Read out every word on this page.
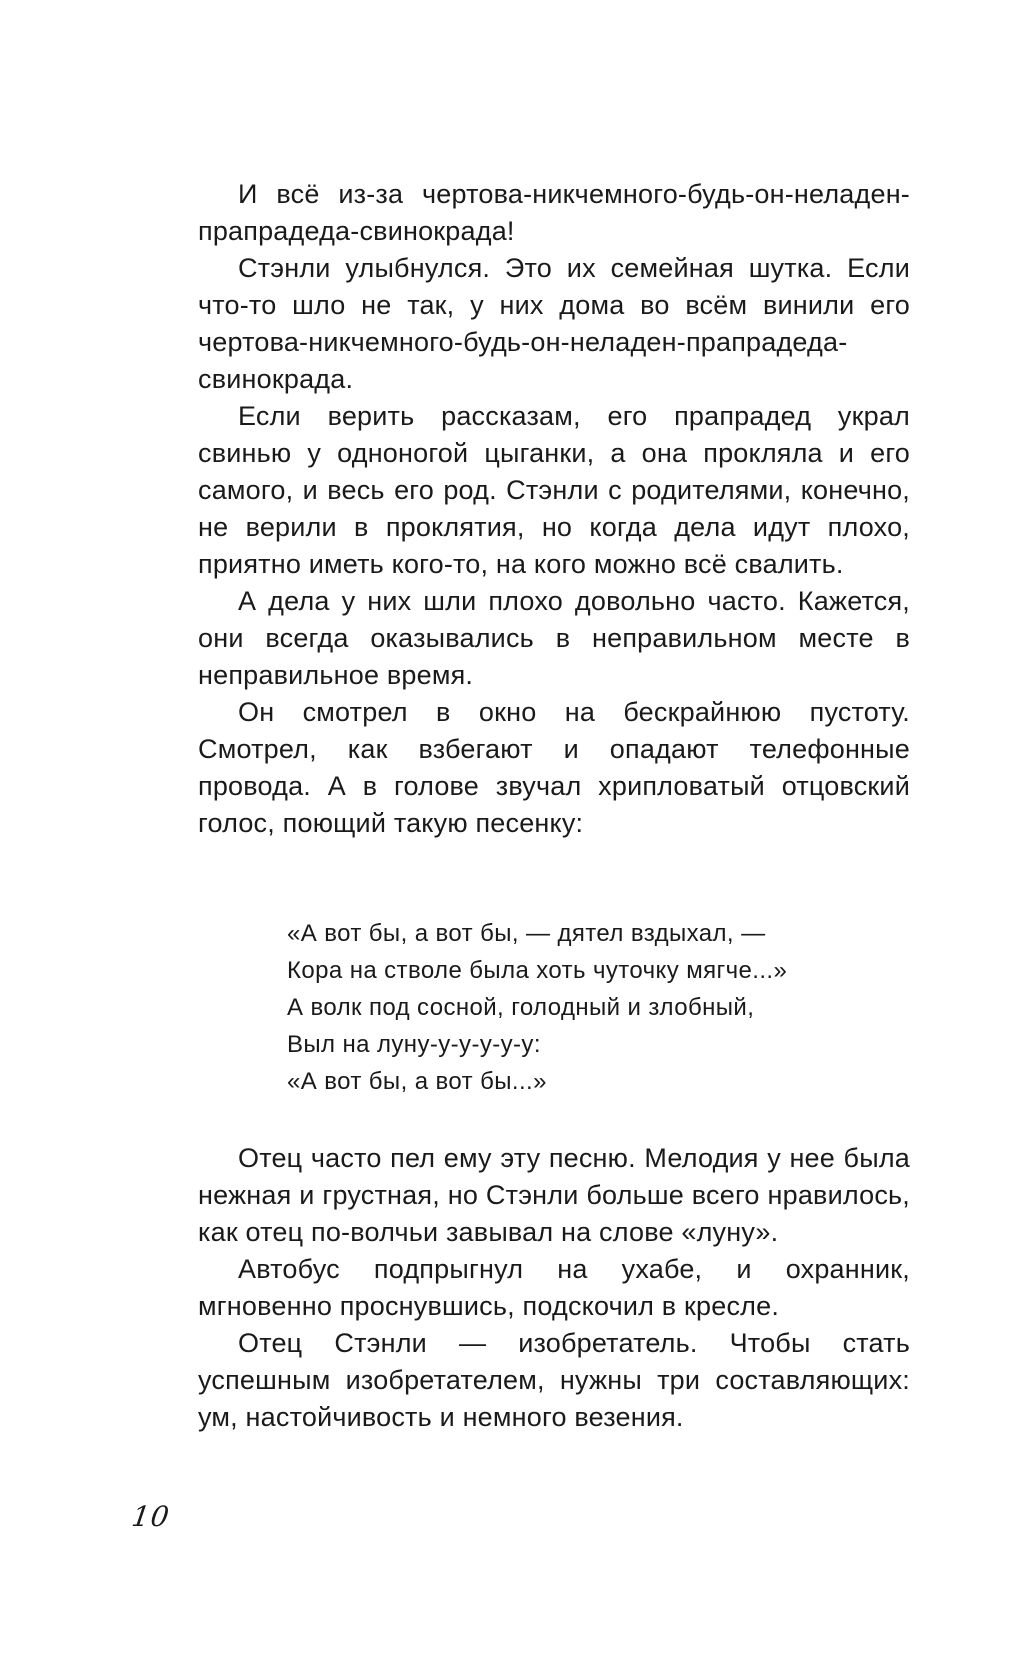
И всё из-за чертова-никчемного-будь-он-неладен-прапрадеда-свинокрада!

Стэнли улыбнулся. Это их семейная шутка. Если что-то шло не так, у них дома во всём винили его чертова-никчемного-будь-он-неладен-прапрадеда-свинокрада.

Если верить рассказам, его прапрадед украл свинью у одноногой цыганки, а она прокляла и его самого, и весь его род. Стэнли с родителями, конечно, не верили в проклятия, но когда дела идут плохо, приятно иметь кого-то, на кого можно всё свалить.

А дела у них шли плохо довольно часто. Кажется, они всегда оказывались в неправильном месте в неправильное время.

Он смотрел в окно на бескрайнюю пустоту. Смотрел, как взбегают и опадают телефонные провода. А в голове звучал хрипловатый отцовский голос, поющий такую песенку:

«А вот бы, а вот бы, — дятел вздыхал, —
Кора на стволе была хоть чуточку мягче...»
А волк под сосной, голодный и злобный,
Выл на луну-у-у-у-у-у:
«А вот бы, а вот бы...»

Отец часто пел ему эту песню. Мелодия у нее была нежная и грустная, но Стэнли больше всего нравилось, как отец по-волчьи завывал на слове «луну».

Автобус подпрыгнул на ухабе, и охранник, мгновенно проснувшись, подскочил в кресле.

Отец Стэнли — изобретатель. Чтобы стать успешным изобретателем, нужны три составляющих: ум, настойчивость и немного везения.

10
